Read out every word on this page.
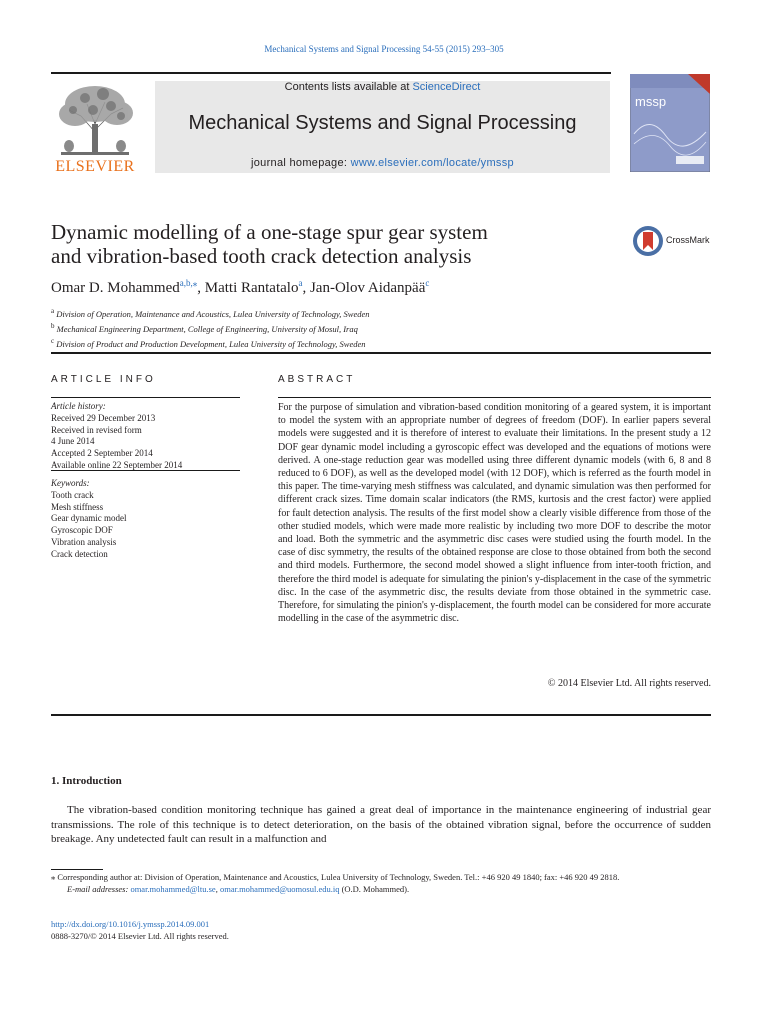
Mechanical Systems and Signal Processing 54-55 (2015) 293–305
ELSEVIER
Contents lists available at ScienceDirect
Mechanical Systems and Signal Processing
journal homepage: www.elsevier.com/locate/ymssp
mssp
Dynamic modelling of a one-stage spur gear system
and vibration-based tooth crack detection analysis
CrossMark
Omar D. Mohammed$^{a,b,⁎}$, Matti Rantatalo$^a$, Jan-Olov Aidanpää$^c$
$^a$ Division of Operation, Maintenance and Acoustics, Lulea University of Technology, Sweden
$^b$ Mechanical Engineering Department, College of Engineering, University of Mosul, Iraq
$^c$ Division of Product and Production Development, Lulea University of Technology, Sweden
ARTICLE INFO	ABSTRACT
Article history:
Received 29 December 2013
Received in revised form
4 June 2014
Accepted 2 September 2014
Available online 22 September 2014
Keywords:
Tooth crack
Mesh stiffness
Gear dynamic model
Gyroscopic DOF
Vibration analysis
Crack detection
For the purpose of simulation and vibration-based condition monitoring of a geared system, it is important to model the system with an appropriate number of degrees of freedom (DOF). In earlier papers several models were suggested and it is therefore of interest to evaluate their limitations. In the present study a 12 DOF gear dynamic model including a gyroscopic effect was developed and the equations of motions were derived. A one-stage reduction gear was modelled using three different dynamic models (with 6, 8 and 8 reduced to 6 DOF), as well as the developed model (with 12 DOF), which is referred as the fourth model in this paper. The time-varying mesh stiffness was calculated, and dynamic simulation was then performed for different crack sizes. Time domain scalar indicators (the RMS, kurtosis and the crest factor) were applied for fault detection analysis. The results of the first model show a clearly visible difference from those of the other studied models, which were made more realistic by including two more DOF to describe the motor and load. Both the symmetric and the asymmetric disc cases were studied using the fourth model. In the case of disc symmetry, the results of the obtained response are close to those obtained from both the second and third models. Furthermore, the second model showed a slight influence from inter-tooth friction, and therefore the third model is adequate for simulating the pinion's y-displacement in the case of the symmetric disc. In the case of the asymmetric disc, the results deviate from those obtained in the symmetric case. Therefore, for simulating the pinion's y-displacement, the fourth model can be considered for more accurate modelling in the case of the asymmetric disc.
© 2014 Elsevier Ltd. All rights reserved.
1. Introduction
The vibration-based condition monitoring technique has gained a great deal of importance in the maintenance engineering of industrial gear transmissions. The role of this technique is to detect deterioration, on the basis of the obtained vibration signal, before the occurrence of sudden breakage. Any undetected fault can result in a malfunction and
⁎ Corresponding author at: Division of Operation, Maintenance and Acoustics, Lulea University of Technology, Sweden. Tel.: +46 920 49 1840; fax: +46 920 49 2818.
E-mail addresses: omar.mohammed@ltu.se, omar.mohammed@uomosul.edu.iq (O.D. Mohammed).
http://dx.doi.org/10.1016/j.ymssp.2014.09.001
0888-3270/© 2014 Elsevier Ltd. All rights reserved.
